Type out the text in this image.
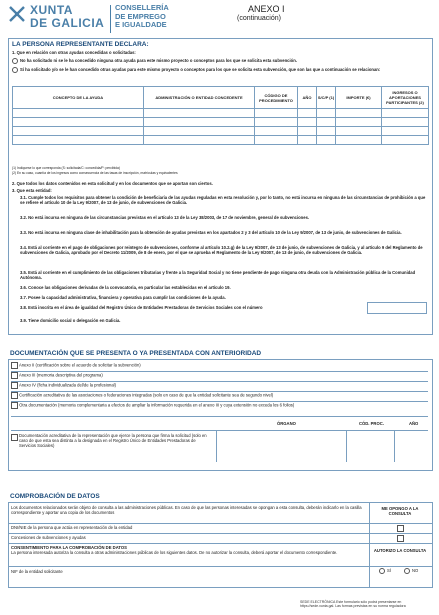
XUNTA
DE GALICIA
CONSELLERÍA
DE EMPREGO
E IGUALDADE
ANEXO I
(continuación)
LA PERSONA REPRESENTANTE DECLARA:
1. Que en relación con otras ayudas concedidas o solicitadas:
No ha solicitado ni se le ha concedido ninguna otra ayuda para este mismo proyecto o conceptos para los que se solicita esta subvención.
Sí ha solicitado y/o se le han concedido otras ayudas para este mismo proyecto o conceptos para los que se solicita esta subvención, que son las que a continuación se relacionan:
CONCEPTO DE LA AYUDA	ADMINISTRACIÓN O ENTIDAD CONCEDENTE	CÓDIGO DE PROCEDIMIENTO	AÑO	S/C/P (1)	IMPORTE (€)	INGRESOS O APORTACIONES PARTICIPANTES (2)

(1) Indíquese lo que corresponda (S: solicitada/C: concedida/P: percibida)
(2) En su caso, cuantía de los ingresos como consecuencia de las tasas de inscripción, matrículas y equivalentes
2. Que todos los datos contenidos en esta solicitud y en los documentos que se aportan son ciertos.
3. Que esta entidad:
3.1. Cumple todos los requisitos para obtener la condición de beneficiaria de las ayudas reguladas en esta resolución y, por lo tanto, no está incursa en ninguna de las circunstancias de prohibición a que se refiere el artículo 10 de la Ley 9/2007, de 13 de junio, de subvenciones de Galicia.
3.2. No está incursa en ninguna de las circunstancias previstas en el artículo 13 de la Ley 38/2003, de 17 de noviembre, general de subvenciones.
3.3. No está incursa en ninguna clase de inhabilitación para la obtención de ayudas previstas en los apartados 2 y 3 del artículo 10 de la Ley 9/2007, de 13 de junio, de subvenciones de Galicia.
3.4. Está al corriente en el pago de obligaciones por reintegro de subvenciones, conforme al artículo 10.2.g) de la Ley 9/2007, de 13 de junio, de subvenciones de Galicia, y al artículo 9 del Reglamento de subvenciones de Galicia, aprobado por el Decreto 11/2009, de 8 de enero, por el que se aprueba el Reglamento de la Ley 9/2007, de 13 de junio, de subvenciones de Galicia.
3.5. Está al corriente en el cumplimiento de las obligaciones tributarias y frente a la Seguridad Social y no tiene pendiente de pago ninguna otra deuda con la Administración pública de la Comunidad Autónoma.
3.6. Conoce las obligaciones derivadas de la convocatoria, en particular las establecidas en el artículo 19.
3.7. Posee la capacidad administrativa, financiera y operativa para cumplir las condiciones de la ayuda.
3.8. Está inscrita en el área de igualdad del Registro Único de Entidades Prestadoras de Servicios Sociales con el número
3.9. Tiene domicilio social o delegación en Galicia.
DOCUMENTACIÓN QUE SE PRESENTA O YA PRESENTADA CON ANTERIORIDAD
Anexo II (certificación sobre el acuerdo de solicitar la subvención)
Anexo III (memoria descriptiva del programa)
Anexo IV (ficha individualizada del/de la profesional)
Certificación acreditativa de las asociaciones o federaciones integradas (solo en caso de que la entidad solicitante sea de segundo nivel)
Otra documentación (memoria complementaria a efectos de ampliar la información requerida en el anexo III y cuya extensión no exceda los 6 folios)
ÓRGANO	CÓD. PROC.	AÑO
Documentación acreditativa de la representación que ejerce la persona que firma la solicitud (solo en caso de que esta sea distinta a la designada en el Registro Único de Entidades Prestadoras de Servicios Sociales)
COMPROBACIÓN DE DATOS
Los documentos relacionados serán objeto de consulta a las administraciones públicas. En caso de que las personas interesadas se opongan a esta consulta, deberán indicarlo en la casilla correspondiente y aportar una copia de los documentos
ME OPONGO A LA CONSULTA
DNI/NIE de la persona que actúa en representación de la entidad
Concesiones de subvenciones y ayudas
CONSENTIMIENTO PARA LA COMPROBACIÓN DE DATOS
La persona interesada autoriza la consulta a otras administraciones públicas de los siguientes datos. De no autorizar la consulta, deberá aportar el documento correspondiente.	AUTORIZO LA CONSULTA
NIF de la entidad solicitante	SÍ	NO
SEDE ELECTRÓNICA Este formulario sólo podrá presentarse en
https://sede.xunta.gal. Las formas previstas en su norma reguladora
